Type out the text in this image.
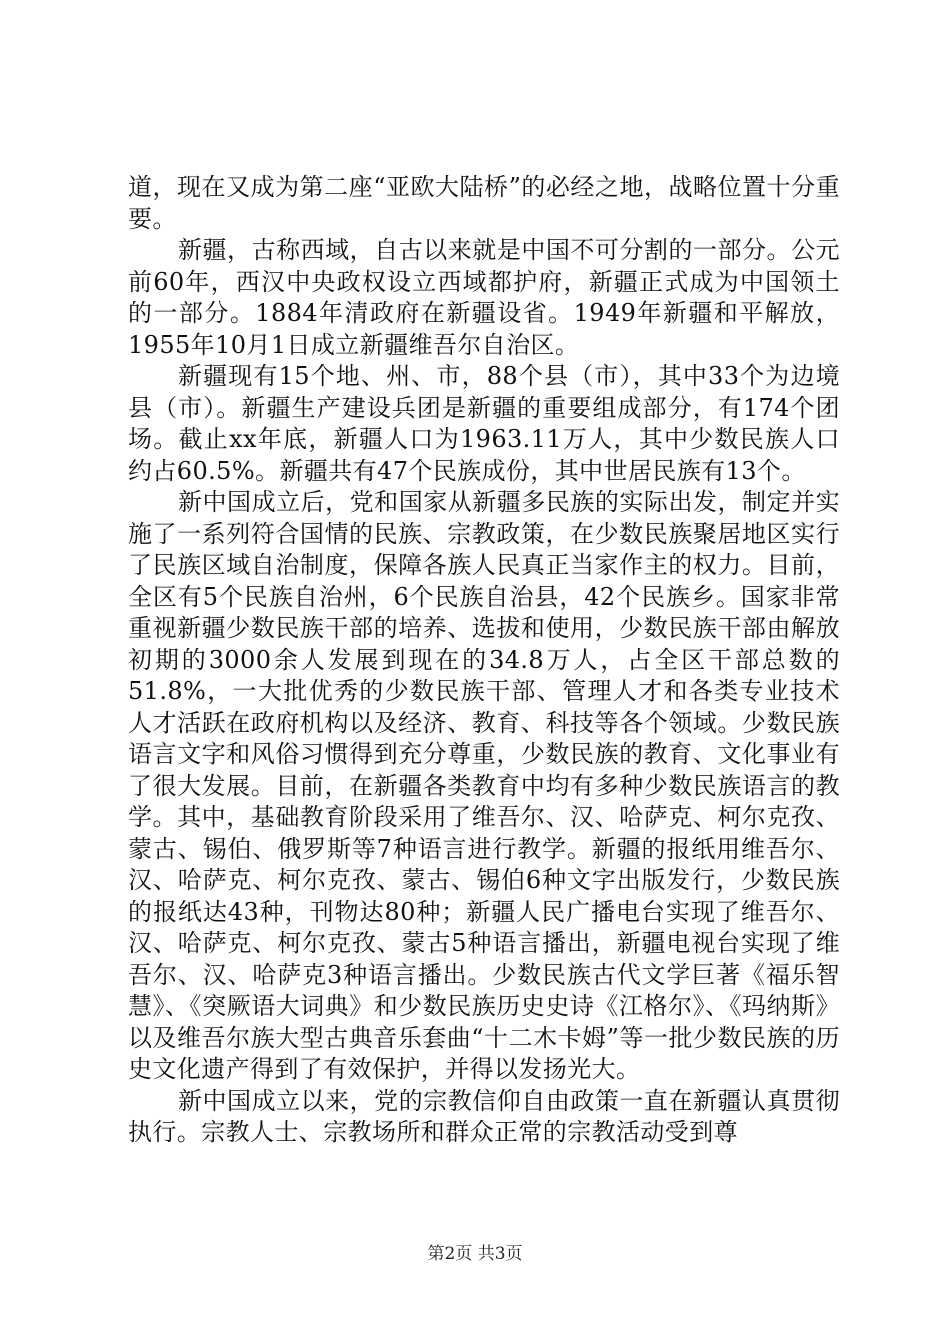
道，现在又成为第二座“亚欧大陆桥”的必经之地，战略位置十分重要。

新疆，古称西域，自古以来就是中国不可分割的一部分。公元前60年，西汉中央政权设立西域都护府，新疆正式成为中国领土的一部分。1884年清政府在新疆设省。1949年新疆和平解放，1955年10月1日成立新疆维吾尔自治区。

新疆现有15个地、州、市，88个县（市），其中33个为边境县（市）。新疆生产建设兵团是新疆的重要组成部分，有174个团场。截止xx年底，新疆人口为1963.11万人，其中少数民族人口约占60.5%。新疆共有47个民族成份，其中世居民族有13个。

新中国成立后，党和国家从新疆多民族的实际出发，制定并实施了一系列符合国情的民族、宗教政策，在少数民族聚居地区实行了民族区域自治制度，保障各族人民真正当家作主的权力。目前，全区有5个民族自治州，6个民族自治县，42个民族乡。国家非常重视新疆少数民族干部的培养、选拔和使用，少数民族干部由解放初期的3000余人发展到现在的34.8万人，占全区干部总数的51.8%，一大批优秀的少数民族干部、管理人才和各类专业技术人才活跃在政府机构以及经济、教育、科技等各个领域。少数民族语言文字和风俗习惯得到充分尊重，少数民族的教育、文化事业有了很大发展。目前，在新疆各类教育中均有多种少数民族语言的教学。其中，基础教育阶段采用了维吾尔、汉、哈萨克、柯尔克孜、蒙古、锡伯、俄罗斯等7种语言进行教学。新疆的报纸用维吾尔、汉、哈萨克、柯尔克孜、蒙古、锡伯6种文字出版发行，少数民族的报纸达43种，刊物达80种；新疆人民广播电台实现了维吾尔、汉、哈萨克、柯尔克孜、蒙古5种语言播出，新疆电视台实现了维吾尔、汉、哈萨克3种语言播出。少数民族古代文学巨著《福乐智慧》、《突厥语大词典》和少数民族历史史诗《江格尔》、《玛纳斯》以及维吾尔族大型古典音乐套曲“十二木卡姆”等一批少数民族的历史文化遗产得到了有效保护，并得以发扬光大。

新中国成立以来，党的宗教信仰自由政策一直在新疆认真贯彻执行。宗教人士、宗教场所和群众正常的宗教活动受到尊

第2页 共3页
